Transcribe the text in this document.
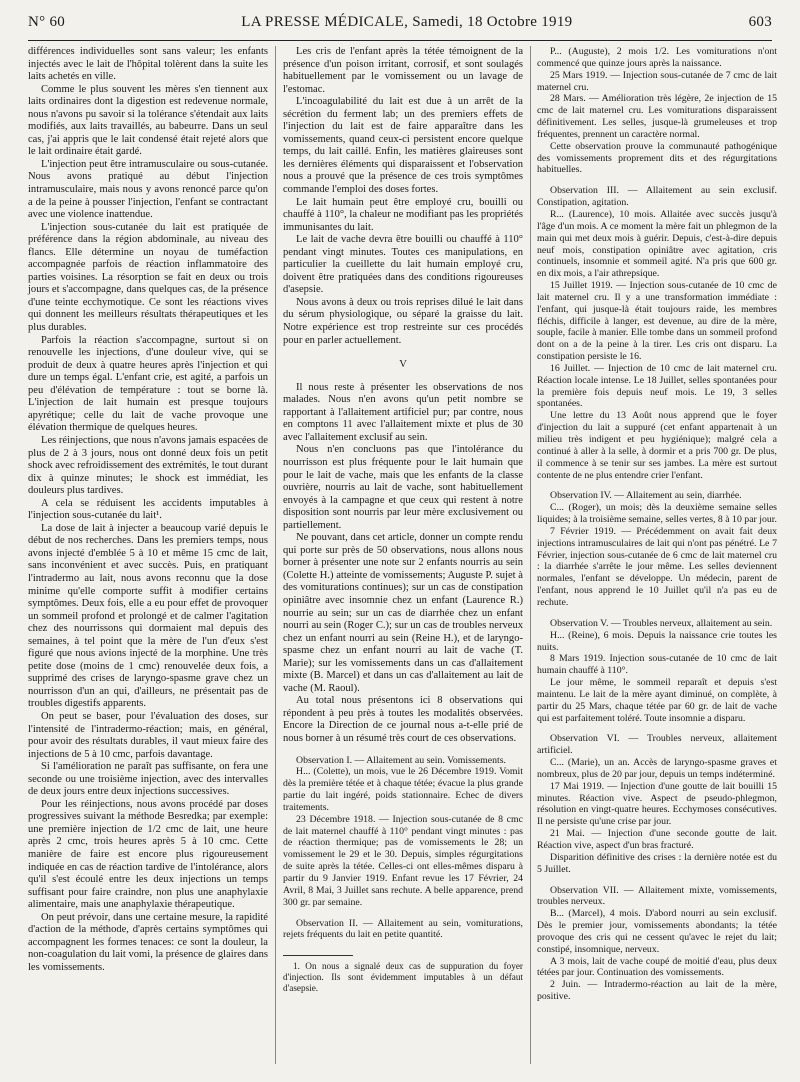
N° 60	LA PRESSE MÉDICALE, Samedi, 18 Octobre 1919	603

différences individuelles sont sans valeur; les enfants injectés avec le lait de l'hôpital tolèrent dans la suite les laits achetés en ville.

Comme le plus souvent les mères s'en tiennent aux laits ordinaires dont la digestion est redevenue normale, nous n'avons pu savoir si la tolérance s'étendait aux laits modifiés, aux laits travaillés, au babeurre. Dans un seul cas, j'ai appris que le lait condensé était rejeté alors que le lait ordinaire était gardé.

L'injection peut être intramusculaire ou sous-cutanée. Nous avons pratiqué au début l'injection intramusculaire, mais nous y avons renoncé parce qu'on a de la peine à pousser l'injection, l'enfant se contractant avec une violence inattendue.

L'injection sous-cutanée du lait est pratiquée de préférence dans la région abdominale, au niveau des flancs. Elle détermine un noyau de tuméfaction accompagnée parfois de réaction inflammatoire des parties voisines. La résorption se fait en deux ou trois jours et s'accompagne, dans quelques cas, de la présence d'une teinte ecchymotique. Ce sont les réactions vives qui donnent les meilleurs résultats thérapeutiques et les plus durables.

Parfois la réaction s'accompagne, surtout si on renouvelle les injections, d'une douleur vive, qui se produit de deux à quatre heures après l'injection et qui dure un temps égal. L'enfant crie, est agité, a parfois un peu d'élévation de température : tout se borne là. L'injection de lait humain est presque toujours apyrétique; celle du lait de vache provoque une élévation thermique de quelques heures.

Les réinjections, que nous n'avons jamais espacées de plus de 2 à 3 jours, nous ont donné deux fois un petit shock avec refroidissement des extrémités, le tout durant dix à quinze minutes; le shock est immédiat, les douleurs plus tardives.

A cela se réduisent les accidents imputables à l'injection sous-cutanée du lait¹.

La dose de lait à injecter a beaucoup varié depuis le début de nos recherches. Dans les premiers temps, nous avons injecté d'emblée 5 à 10 et même 15 cmc de lait, sans inconvénient et avec succès. Puis, en pratiquant l'intradermo au lait, nous avons reconnu que la dose minime qu'elle comporte suffit à modifier certains symptômes. Deux fois, elle a eu pour effet de provoquer un sommeil profond et prolongé et de calmer l'agitation chez des nourrissons qui dormaient mal depuis des semaines, à tel point que la mère de l'un d'eux s'est figuré que nous avions injecté de la morphine. Une très petite dose (moins de 1 cmc) renouvelée deux fois, a supprimé des crises de laryngo-spasme grave chez un nourrisson d'un an qui, d'ailleurs, ne présentait pas de troubles digestifs apparents.

On peut se baser, pour l'évaluation des doses, sur l'intensité de l'intradermo-réaction; mais, en général, pour avoir des résultats durables, il vaut mieux faire des injections de 5 à 10 cmc, parfois davantage.

Si l'amélioration ne paraît pas suffisante, on fera une seconde ou une troisième injection, avec des intervalles de deux jours entre deux injections successives.

Pour les réinjections, nous avons procédé par doses progressives suivant la méthode Besredka; par exemple: une première injection de 1/2 cmc de lait, une heure après 2 cmc, trois heures après 5 à 10 cmc. Cette manière de faire est encore plus rigoureusement indiquée en cas de réaction tardive de l'intolérance, alors qu'il s'est écoulé entre les deux injections un temps suffisant pour faire craindre, non plus une anaphylaxie alimentaire, mais une anaphylaxie thérapeutique.

On peut prévoir, dans une certaine mesure, la rapidité d'action de la méthode, d'après certains symptômes qui accompagnent les formes tenaces: ce sont la douleur, la non-coagulation du lait vomi, la présence de glaires dans les vomissements.

Les cris de l'enfant après la tétée témoignent de la présence d'un poison irritant, corrosif, et sont soulagés habituellement par le vomissement ou un lavage de l'estomac.

L'incoagulabilité du lait est due à un arrêt de la sécrétion du ferment lab; un des premiers effets de l'injection du lait est de faire apparaître dans les vomissements, quand ceux-ci persistent encore quelque temps, du lait caillé. Enfin, les matières glaireuses sont les dernières éléments qui disparaissent et l'observation nous a prouvé que la présence de ces trois symptômes commande l'emploi des doses fortes.

Le lait humain peut être employé cru, bouilli ou chauffé à 110°, la chaleur ne modifiant pas les propriétés immunisantes du lait.

Le lait de vache devra être bouilli ou chauffé à 110° pendant vingt minutes. Toutes ces manipulations, en particulier la cueillette du lait humain employé cru, doivent être pratiquées dans des conditions rigoureuses d'asepsie.

Nous avons à deux ou trois reprises dilué le lait dans du sérum physiologique, ou séparé la graisse du lait. Notre expérience est trop restreinte sur ces procédés pour en parler actuellement.

V

Il nous reste à présenter les observations de nos malades. Nous n'en avons qu'un petit nombre se rapportant à l'allaitement artificiel pur; par contre, nous en comptons 11 avec l'allaitement mixte et plus de 30 avec l'allaitement exclusif au sein.

Nous n'en concluons pas que l'intolérance du nourrisson est plus fréquente pour le lait humain que pour le lait de vache, mais que les enfants de la classe ouvrière, nourris au lait de vache, sont habituellement envoyés à la campagne et que ceux qui restent à notre disposition sont nourris par leur mère exclusivement ou partiellement.

Ne pouvant, dans cet article, donner un compte rendu qui porte sur près de 50 observations, nous allons nous borner à présenter une note sur 2 enfants nourris au sein (Colette H.) atteinte de vomissements; Auguste P. sujet à des vomiturations continues); sur un cas de constipation opiniâtre avec insomnie chez un enfant (Laurence R.) nourrie au sein; sur un cas de diarrhée chez un enfant nourri au sein (Roger C.); sur un cas de troubles nerveux chez un enfant nourri au sein (Reine H.), et de laryngo-spasme chez un enfant nourri au lait de vache (T. Marie); sur les vomissements dans un cas d'allaitement mixte (B. Marcel) et dans un cas d'allaitement au lait de vache (M. Raoul).

Au total nous présentons ici 8 observations qui répondent à peu près à toutes les modalités observées. Encore la Direction de ce journal nous a-t-elle prié de nous borner à un résumé très court de ces observations.

Observation I. — Allaitement au sein. Vomissements.

H... (Colette), un mois, vue le 26 Décembre 1919. Vomit dès la première tétée et à chaque tétée; évacue la plus grande partie du lait ingéré, poids stationnaire. Echec de divers traitements.

23 Décembre 1918. — Injection sous-cutanée de 8 cmc de lait maternel chauffé à 110° pendant vingt minutes : pas de réaction thermique; pas de vomissements le 28; un vomissement le 29 et le 30. Depuis, simples régurgitations de suite après la tétée. Celles-ci ont elles-mêmes disparu à partir du 9 Janvier 1919. Enfant revue les 17 Février, 24 Avril, 8 Mai, 3 Juillet sans rechute. A belle apparence, prend 300 gr. par semaine.

Observation II. — Allaitement au sein, vomiturations, rejets fréquents du lait en petite quantité.

1. On nous a signalé deux cas de suppuration du foyer d'injection. Ils sont évidemment imputables à un défaut d'asepsie.

P... (Auguste), 2 mois 1/2. Les vomiturations n'ont commencé que quinze jours après la naissance.

25 Mars 1919. — Injection sous-cutanée de 7 cmc de lait maternel cru.

28 Mars. — Amélioration très légère, 2e injection de 15 cmc de lait maternel cru. Les vomiturations disparaissent définitivement. Les selles, jusque-là grumeleuses et trop fréquentes, prennent un caractère normal.

Cette observation prouve la communauté pathogénique des vomissements proprement dits et des régurgitations habituelles.

Observation III. — Allaitement au sein exclusif. Constipation, agitation.

R... (Laurence), 10 mois. Allaitée avec succès jusqu'à l'âge d'un mois. A ce moment la mère fait un phlegmon de la main qui met deux mois à guérir. Depuis, c'est-à-dire depuis neuf mois, constipation opiniâtre avec agitation, cris continuels, insomnie et sommeil agité. N'a pris que 600 gr. en dix mois, a l'air athrepsique.

15 Juillet 1919. — Injection sous-cutanée de 10 cmc de lait maternel cru. Il y a une transformation immédiate : l'enfant, qui jusque-là était toujours raide, les membres fléchis, difficile à langer, est devenue, au dire de la mère, souple, facile à manier. Elle tombe dans un sommeil profond dont on a de la peine à la tirer. Les cris ont disparu. La constipation persiste le 16.

16 Juillet. — Injection de 10 cmc de lait maternel cru. Réaction locale intense. Le 18 Juillet, selles spontanées pour la première fois depuis neuf mois. Le 19, 3 selles spontanées.

Une lettre du 13 Août nous apprend que le foyer d'injection du lait a suppuré (cet enfant appartenait à un milieu très indigent et peu hygiénique); malgré cela a continué à aller à la selle, à dormir et a pris 700 gr. De plus, il commence à se tenir sur ses jambes. La mère est surtout contente de ne plus entendre crier l'enfant.

Observation IV. — Allaitement au sein, diarrhée.

C... (Roger), un mois; dès la deuxième semaine selles liquides; à la troisième semaine, selles vertes, 8 à 10 par jour.

7 Février 1919. — Précédemment on avait fait deux injections intramusculaires de lait qui n'ont pas pénétré. Le 7 Février, injection sous-cutanée de 6 cmc de lait maternel cru : la diarrhée s'arrête le jour même. Les selles deviennent normales, l'enfant se développe. Un médecin, parent de l'enfant, nous apprend le 10 Juillet qu'il n'a pas eu de rechute.

Observation V. — Troubles nerveux, allaitement au sein.

H... (Reine), 6 mois. Depuis la naissance crie toutes les nuits.

8 Mars 1919. Injection sous-cutanée de 10 cmc de lait humain chauffé à 110°.

Le jour même, le sommeil reparaît et depuis s'est maintenu. Le lait de la mère ayant diminué, on complète, à partir du 25 Mars, chaque tétée par 60 gr. de lait de vache qui est parfaitement toléré. Toute insomnie a disparu.

Observation VI. — Troubles nerveux, allaitement artificiel.

C... (Marie), un an. Accès de laryngo-spasme graves et nombreux, plus de 20 par jour, depuis un temps indéterminé.

17 Mai 1919. — Injection d'une goutte de lait bouilli 15 minutes. Réaction vive. Aspect de pseudo-phlegmon, résolution en vingt-quatre heures. Ecchymoses consécutives. Il ne persiste qu'une crise par jour.

21 Mai. — Injection d'une seconde goutte de lait. Réaction vive, aspect d'un bras fracturé.

Disparition définitive des crises : la dernière notée est du 5 Juillet.

Observation VII. — Allaitement mixte, vomissements, troubles nerveux.

B... (Marcel), 4 mois. D'abord nourri au sein exclusif. Dès le premier jour, vomissements abondants; la tétée provoque des cris qui ne cessent qu'avec le rejet du lait; constipé, insomnique, nerveux.

A 3 mois, lait de vache coupé de moitié d'eau, plus deux tétées par jour. Continuation des vomissements.

2 Juin. — Intradermo-réaction au lait de la mère, positive.
